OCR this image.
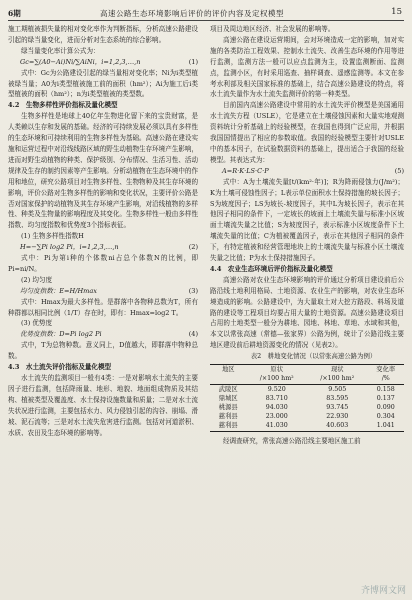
6期	高速公路生态环境影响后评价的评价内容及定权模型	15

施工期植被损失量的相对变化率作为判断指标，分析高速公路建设引起的绿当量变化，进而分析对生态系统的综合影响。

绿当量变化率计算公式为：

Gc=∑(A0−Ai)Ni/∑AiNi，i=1,2,3,…,n	(1)

式中：Gc为公路建设引起的绿当量相对变化率；Ni为i类型植被绿当量；A0为i类型植被施工前的面积（hm²）；Ai为施工后i类型植被的面积（hm²）；n为i类型植被的类型数。

4.2　生物多样性评价指标及量化模型

生物多样性是地球上40亿年生物进化留下来的宝贵财富，是人类赖以生存和发展的基础。经济的可持续发展必须以具有多样性的生态环境和可持续利用的生物多样性为基础。高速公路在建设实施和运营过程中对沿线线路区域的野生动植物生存环境产生影响，进而对野生动植物的种类、保护级别、分布情况、生活习性、活动规律及生存的制约因素等产生影响。分析动植物在生态环境中的作用和地位，研究公路项目对生物多样性、生物物种及其生存环境的影响，评价公路对生物多样性的影响和变化状况，主要评价公路是否对国家保护的动植物及其生存环境产生影响，对沿线植物的多样性、种类及生物量的影响程度及其变化。生物多样性一般由多样性指数、均匀度指数和优势度3个指标表征。

(1) 生物多样性指数H

H=−∑Pi log2 Pi，i=1,2,3,…,n	(2)

式中：Pi为第i种的个体数ni占总个体数N的比例，即Pi=ni/N。

(2) 均匀度

均匀度指数：E=H/Hmax	(3)

式中：Hmax为最大多样性。是群落中各物种总数为T，所有种群都以相同比例（1/T）存在时，即有：Hmax=log2 T。

(3) 优势度

优势度指数：D=Pi log2 Pi	(4)

式中，T为总物种数。意义同上，D值越大，即群落中物种总数。

4.3　水土流失评价指标及量化模型

水土流失的监测项目一般有4类：一是对影响水土流失的主要因子进行监测，包括降雨量、地形、地貌、地面组成物质及其结构、植被类型及覆盖度、水土保持设施数量和质量；二是对水土流失状况进行监测，主要包括水力、风力侵蚀引起的沟谷、崩塌、滑坡、泥石流等；三是对水土流失危害进行监测。包括对河道淤积、水质、农田及生态环境的影响等。

项目及周边地区经济、社会发展的影响等。

高速公路在建设运营期间，会对环境造成一定的影响，加对实施的各类防治工程效果、控制水土流失、改善生态环境的作用等进行监测，监测方法一般可以应点监测为主，设置监测断面、监测点，监测小区，有时采用巡查、抽样调查、遥感监测等。本文在参考水利部及相关国家标准的基础上，结合高速公路建设的特点，将水土流失量作为水土流失监测评价的第一种类型。

目前国内高速公路建设中常用的水土流失评价模型是美国通用水土流失方程（USLE），它是建立在土壤侵蚀因素和大量实地观测资料统计分析基础上的经验模型，在我国也得到广泛应用，并根据我国国情提出了相应的参数取值。我国的经验模型主要针对USLE中的基本因子，在试验数据资料的基础上，提出适合于我国的经验模型。其表达式为：

A=R·K·LS·C·P	(5)

式中：A为土壤流失量[t/(km²·年)]；R为降雨侵蚀力(J/m²)；K为土壤可侵蚀性因子；L表示单位面积水土保持措施的坡长因子；S为坡度因子；LS为坡长-坡度因子，其中L为坡长因子，表示在其他因子相同的条件下，一定坡长的坡面上土壤流失量与标准小区坡面土壤流失量之比值；S为坡度因子，表示标准小区坡度条件下土壤流失量的比值；C为植被覆盖因子，表示在其他因子相同的条件下，有特定植被和经营管理地块上的土壤流失量与标准小区土壤流失量之比值；P为水土保持措施因子。

4.4　农业生态环境后评价指标及量化模型

高速公路对农业生态环境影响的评价通过分析项目建设前后公路沿线土地利用格局、土地资源、农业生产的影响，对农业生态环境造成的影响。公路建设中，为大量取土对大挖方路段、料场及道路的建设等工程项目均要占用大量的土地资源。高速公路建设项目占用的土地类型一般分为耕地、园地、林地、草地、水域和其他，本文以常张高速（常德—张家界）公路为例，统计了公路沿线主要地区建设前后耕地资源变化的情况（见表2）。

表2　耕地变化情况（以常张高速公路为例）

地区	原状	现状	变化率
	/×100 hm²	/×100 hm²	/%
武陵区	9.520	9.505	0.158
鼎城区	83.710	83.595	0.137
桃源县	94.030	93.745	0.090
慈利县	23.000	22.930	0.304
慈利县	41.030	40.603	1.041

经调查研究，常张高速公路沿线主要地区施工前

齐博网文网
